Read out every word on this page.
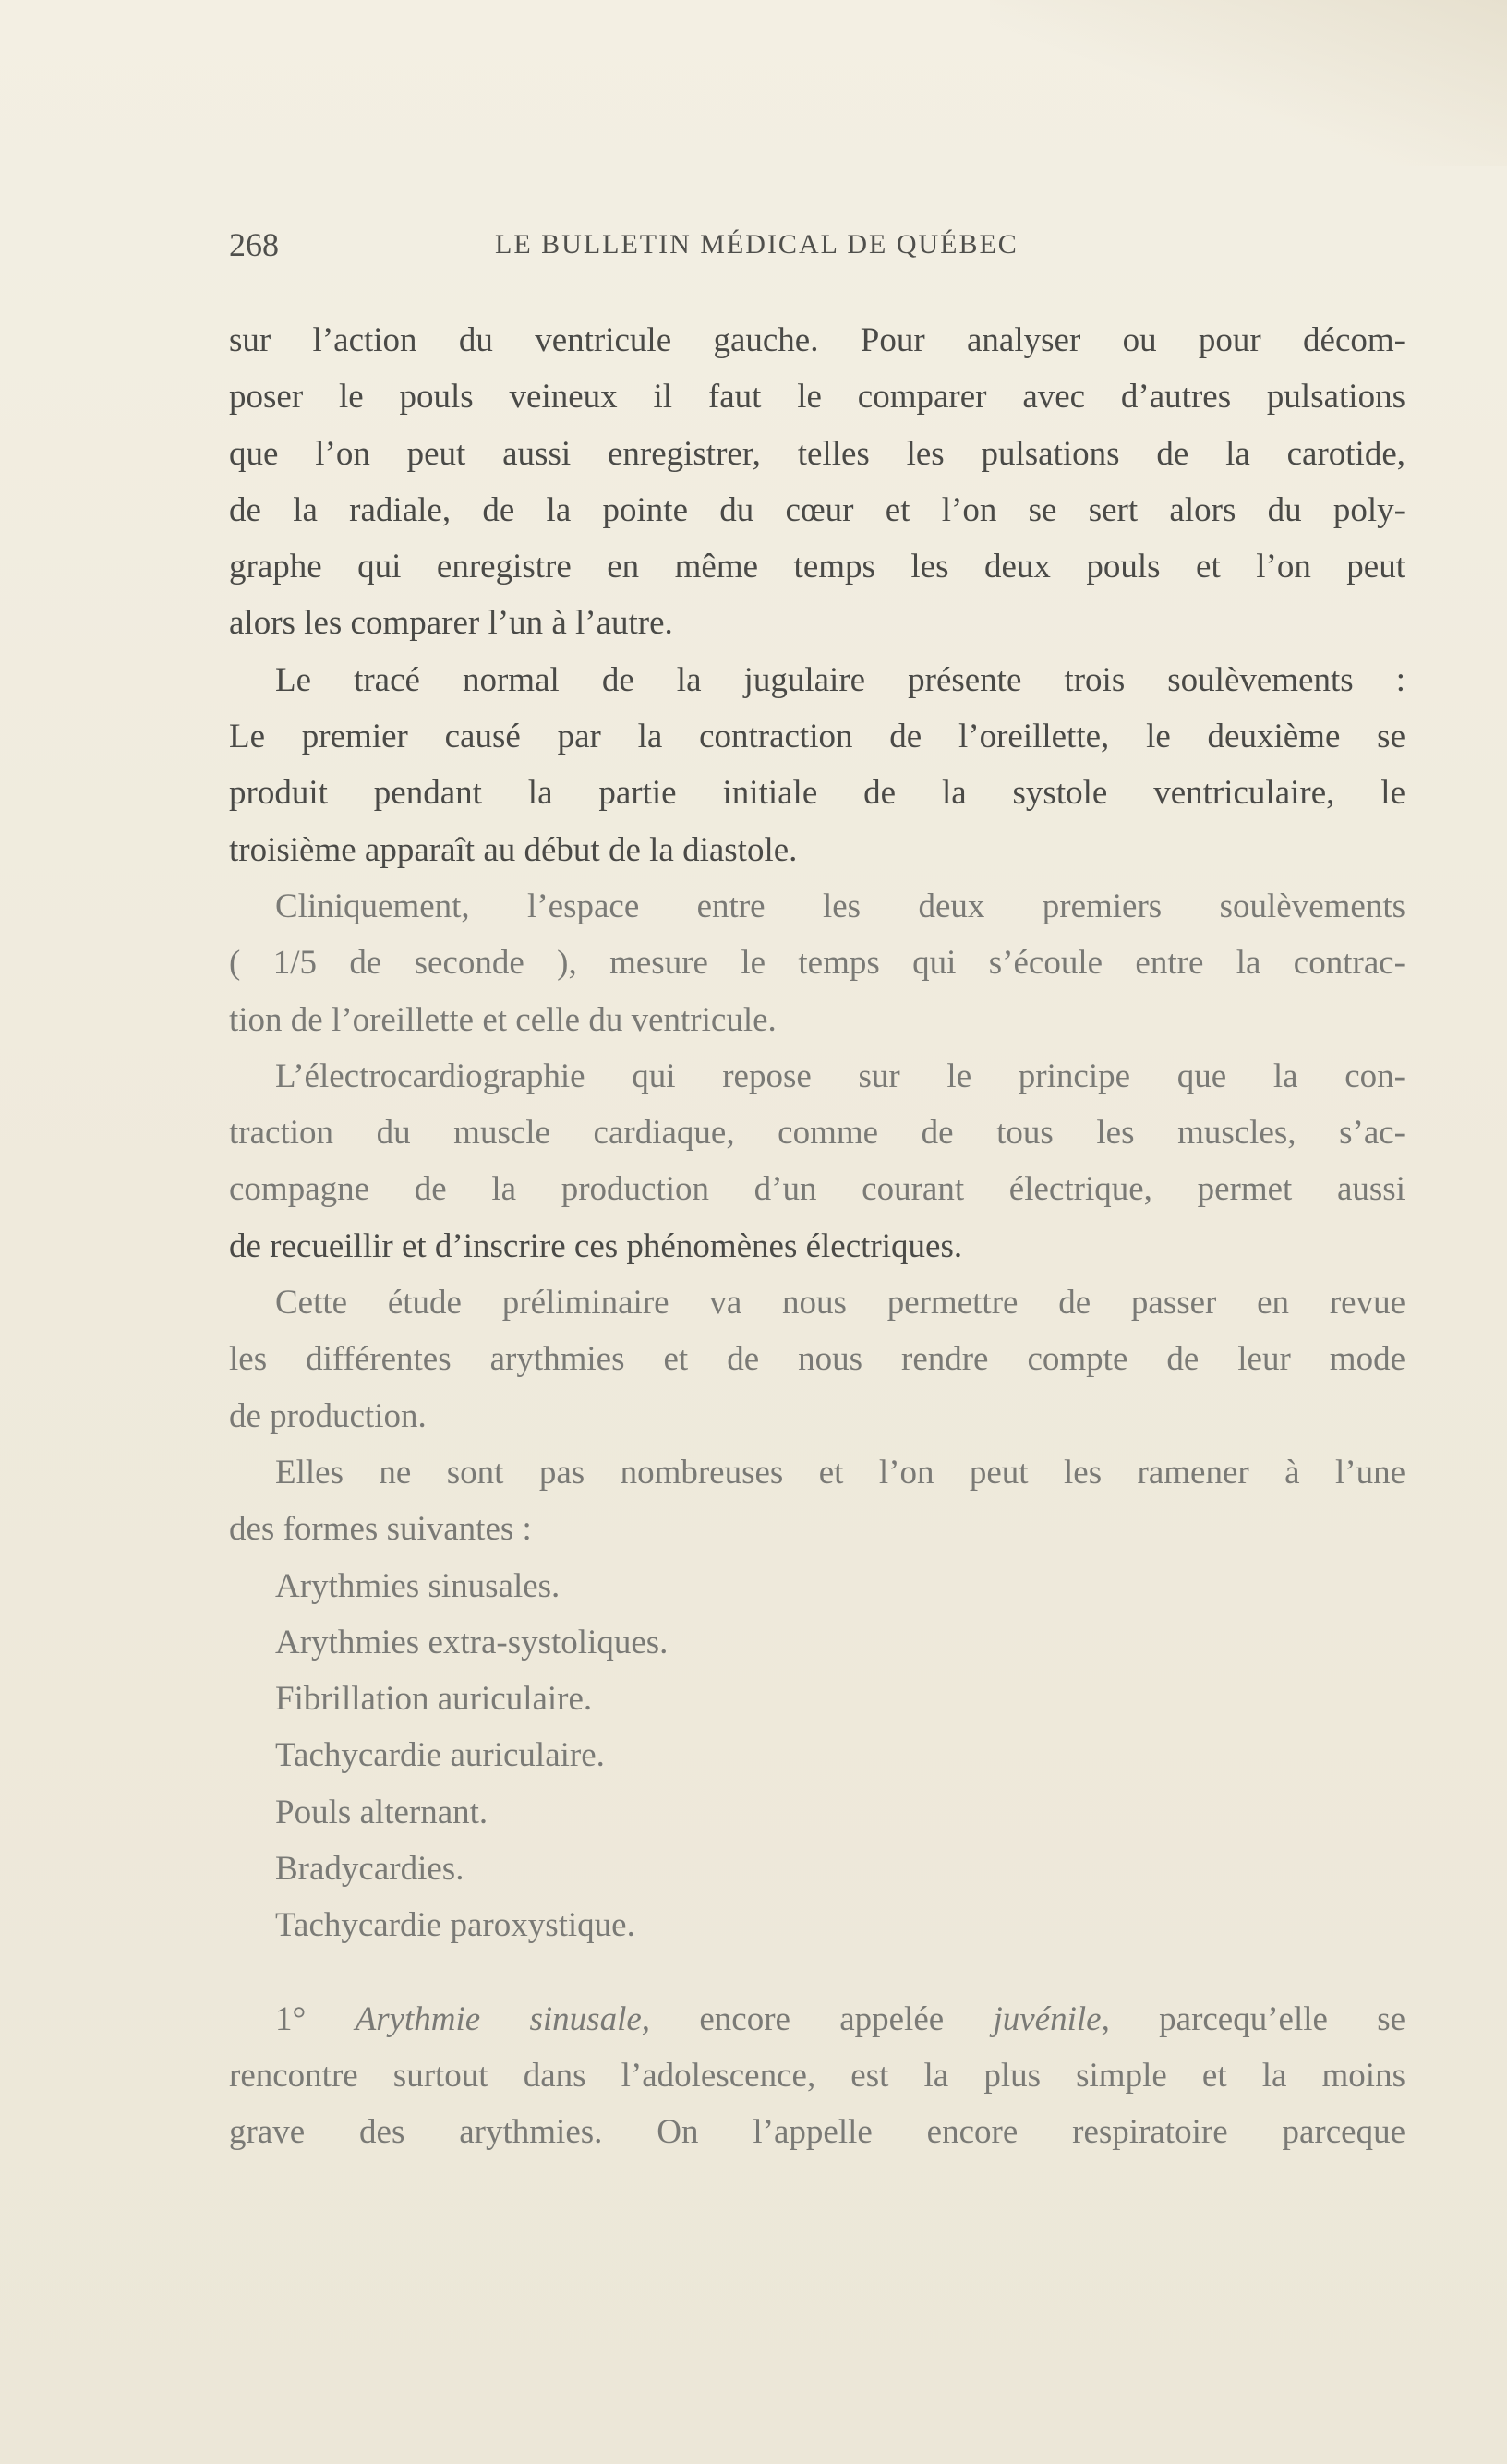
268	LE BULLETIN MÉDICAL DE QUÉBEC
sur l’action du ventricule gauche. Pour analyser ou pour décom-
poser le pouls veineux il faut le comparer avec d’autres pulsations
que l’on peut aussi enregistrer, telles les pulsations de la carotide,
de la radiale, de la pointe du cœur et l’on se sert alors du poly-
graphe qui enregistre en même temps les deux pouls et l’on peut
alors les comparer l’un à l’autre.
Le tracé normal de la jugulaire présente trois soulèvements :
Le premier causé par la contraction de l’oreillette, le deuxième se
produit pendant la partie initiale de la systole ventriculaire, le
troisième apparaît au début de la diastole.
Cliniquement, l’espace entre les deux premiers soulèvements
( 1/5 de seconde ), mesure le temps qui s’écoule entre la contrac-
tion de l’oreillette et celle du ventricule.
L’électrocardiographie qui repose sur le principe que la con-
traction du muscle cardiaque, comme de tous les muscles, s’ac-
compagne de la production d’un courant électrique, permet aussi
de recueillir et d’inscrire ces phénomènes électriques.
Cette étude préliminaire va nous permettre de passer en revue
les différentes arythmies et de nous rendre compte de leur mode
de production.
Elles ne sont pas nombreuses et l’on peut les ramener à l’une
des formes suivantes :
Arythmies sinusales.
Arythmies extra-systoliques.
Fibrillation auriculaire.
Tachycardie auriculaire.
Pouls alternant.
Bradycardies.
Tachycardie paroxystique.
1° Arythmie sinusale, encore appelée juvénile, parcequ’elle se
rencontre surtout dans l’adolescence, est la plus simple et la moins
grave des arythmies. On l’appelle encore respiratoire parceque
